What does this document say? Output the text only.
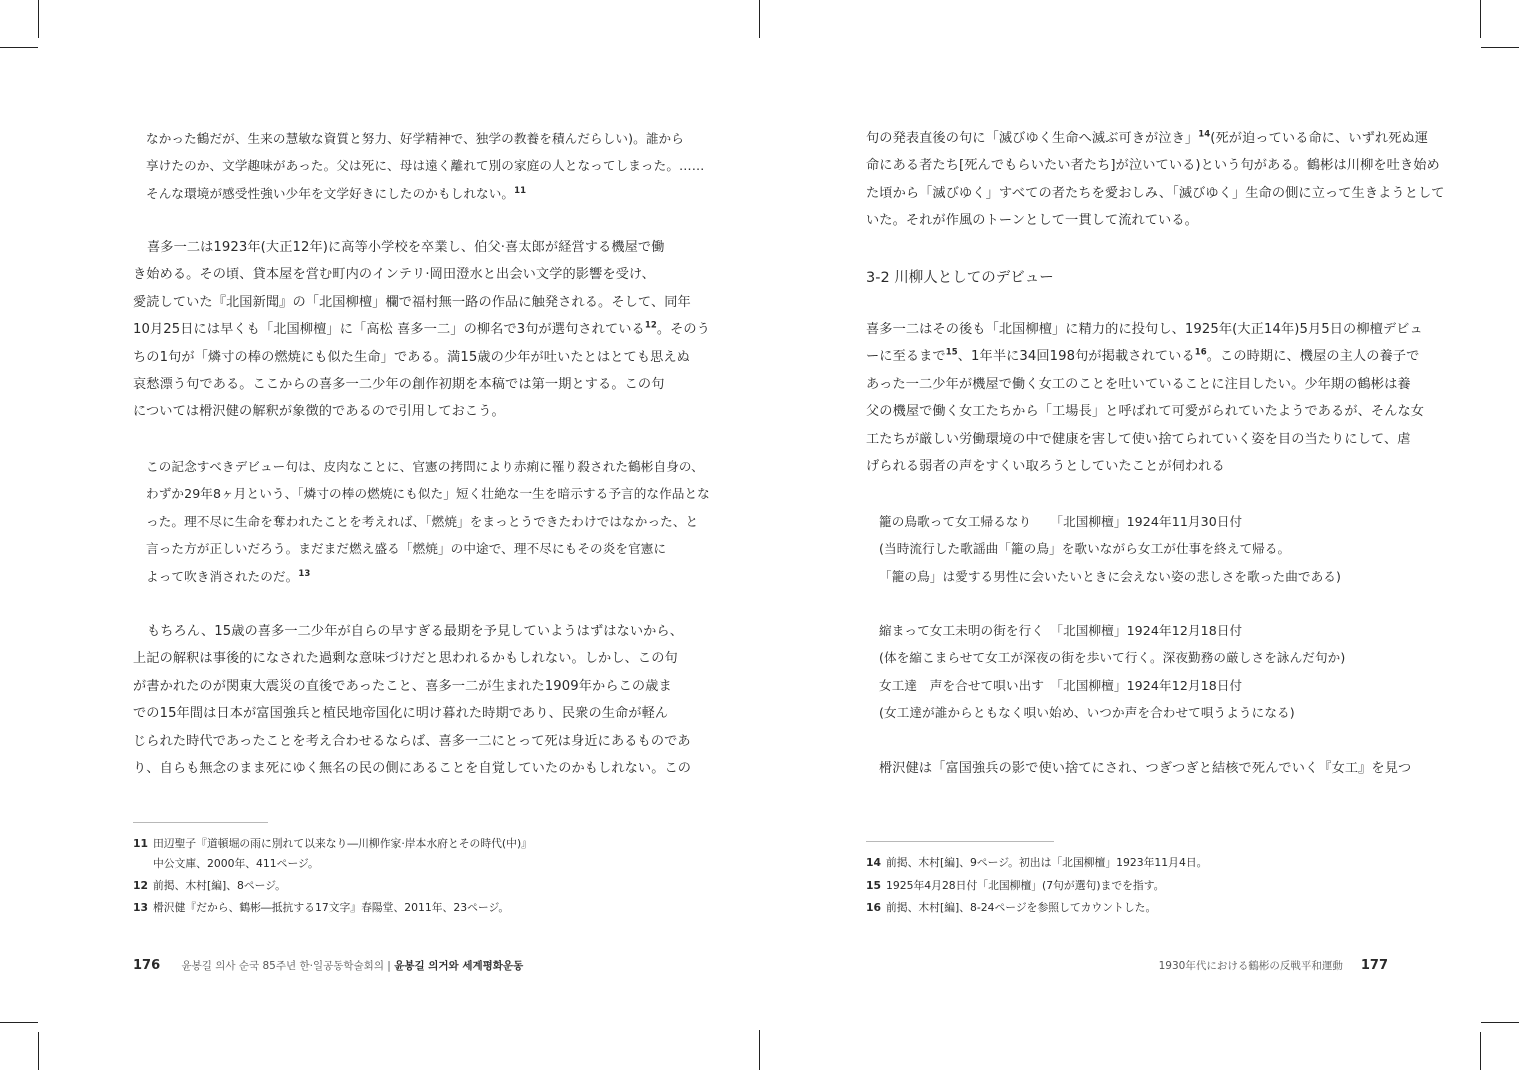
なかった鶴だが、生来の慧敏な資質と努力、好学精神で、独学の教養を積んだらしい)。誰から
享けたのか、文学趣味があった。父は死に、母は遠く離れて別の家庭の人となってしまった。……
そんな環境が感受性強い少年を文学好きにしたのかもしれない。$^{11}$
喜多一二は1923年(大正12年)に高等小学校を卒業し、伯父·喜太郎が経営する機屋で働
き始める。その頃、貸本屋を営む町内のインテリ·岡田澄水と出会い文学的影響を受け、
愛読していた『北国新聞』の「北国柳檀」欄で福村無一路の作品に触発される。そして、同年
10月25日には早くも「北国柳檀」に「高松 喜多一二」の柳名で3句が選句されている$^{12}$。そのう
ちの1句が「燐寸の棒の燃焼にも似た生命」である。満15歳の少年が吐いたとはとても思えぬ
哀愁漂う句である。ここからの喜多一二少年の創作初期を本稿では第一期とする。この句
については榾沢健の解釈が象徴的であるので引用しておこう。
この記念すべきデビュー句は、皮肉なことに、官憲の拷問により赤痢に罹り殺された鶴彬自身の、
わずか29年8ヶ月という、「燐寸の棒の燃焼にも似た」短く壮絶な一生を暗示する予言的な作品とな
った。理不尽に生命を奪われたことを考えれば、「燃焼」をまっとうできたわけではなかった、と
言った方が正しいだろう。まだまだ燃え盛る「燃焼」の中途で、理不尽にもその炎を官憲に
よって吹き消されたのだ。$^{13}$
もちろん、15歳の喜多一二少年が自らの早すぎる最期を予見していようはずはないから、
上記の解釈は事後的になされた過剰な意味づけだと思われるかもしれない。しかし、この句
が書かれたのが関東大震災の直後であったこと、喜多一二が生まれた1909年からこの歳ま
での15年間は日本が富国強兵と植民地帝国化に明け暮れた時期であり、民衆の生命が軽ん
じられた時代であったことを考え合わせるならば、喜多一二にとって死は身近にあるものであ
り、自らも無念のまま死にゆく無名の民の側にあることを自覚していたのかもしれない。この
11 田辺聖子『道頓堀の雨に別れて以来なり―川柳作家·岸本水府とその時代(中)』
中公文庫、2000年、411ページ。
12 前掲、木村[編]、8ページ。
13 榾沢健『だから、鶴彬―抵抗する17文字』春陽堂、2011年、23ページ。
176 윤봉길 의사 순국 85주년 한·일공동학술회의 | 윤봉길 의거와 세계평화운동
句の発表直後の句に「滅びゆく生命へ滅ぶ可きが泣き」$^{14}$(死が迫っている命に、いずれ死ぬ運
命にある者たち[死んでもらいたい者たち]が泣いている)という句がある。鶴彬は川柳を吐き始め
た頃から「滅びゆく」すべての者たちを愛おしみ、「滅びゆく」生命の側に立って生きようとして
いた。それが作風のトーンとして一貫して流れている。
3-2 川柳人としてのデビュー
喜多一二はその後も「北国柳檀」に精力的に投句し、1925年(大正14年)5月5日の柳檀デビュ
ーに至るまで$^{15}$、1年半に34回198句が掲載されている$^{16}$。この時期に、機屋の主人の養子で
あった一二少年が機屋で働く女工のことを吐いていることに注目したい。少年期の鶴彬は養
父の機屋で働く女工たちから「工場長」と呼ばれて可愛がられていたようであるが、そんな女
工たちが厳しい労働環境の中で健康を害して使い捨てられていく姿を目の当たりにして、虐
げられる弱者の声をすくい取ろうとしていたことが伺われる
籠の鳥歌って女工帰るなり　　「北国柳檀」1924年11月30日付
(当時流行した歌謡曲「籠の鳥」を歌いながら女工が仕事を終えて帰る。
「籠の鳥」は愛する男性に会いたいときに会えない姿の悲しさを歌った曲である)
縮まって女工未明の街を行く　「北国柳檀」1924年12月18日付
(体を縮こまらせて女工が深夜の街を歩いて行く。深夜勤務の厳しさを詠んだ句か)
女工達　声を合せて唄い出す　「北国柳檀」1924年12月18日付
(女工達が誰からともなく唄い始め、いつか声を合わせて唄うようになる)
榾沢健は「富国強兵の影で使い捨てにされ、つぎつぎと結核で死んでいく『女工』を見つ
14 前掲、木村[編]、9ページ。初出は「北国柳檀」1923年11月4日。
15 1925年4月28日付「北国柳檀」(7句が選句)までを指す。
16 前掲、木村[編]、8-24ページを参照してカウントした。
1930年代における鶴彬の反戦平和運動 177
